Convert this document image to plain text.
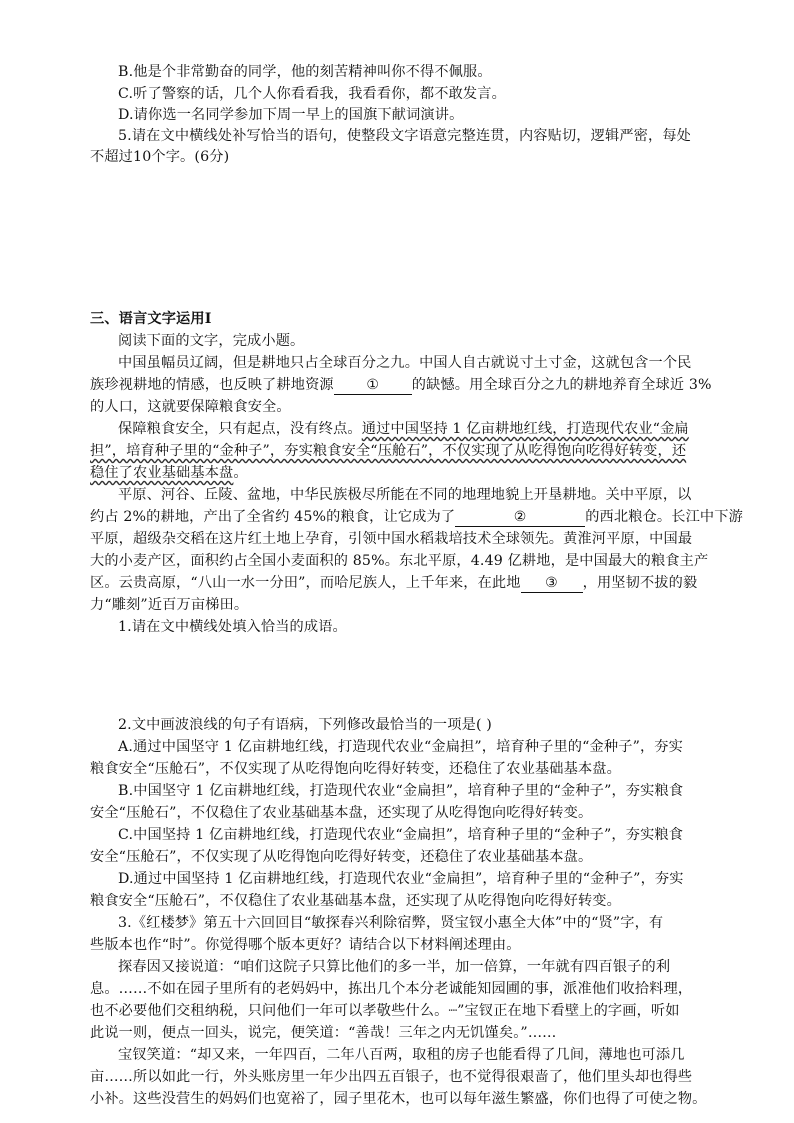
B.他是个非常勤奋的同学，他的刻苦精神叫你不得不佩服。
C.听了警察的话，几个人你看看我，我看看你，都不敢发言。
D.请你选一名同学参加下周一早上的国旗下献词演讲。
5.请在文中横线处补写恰当的语句，使整段文字语意完整连贯，内容贴切，逻辑严密，每处
不超过10个字。(6分)
三、语言文字运用Ⅰ
阅读下面的文字，完成小题。
中国虽幅员辽阔，但是耕地只占全球百分之九。中国人自古就说寸土寸金，这就包含一个民
族珍视耕地的情感，也反映了耕地资源 ① 的缺憾。用全球百分之九的耕地养育全球近 3%
的人口，这就要保障粮食安全。
保障粮食安全，只有起点，没有终点。通过中国坚持 1 亿亩耕地红线，打造现代农业“金扁
担”，培育种子里的“金种子”，夯实粮食安全“压舱石”，不仅实现了从吃得饱向吃得好转变，还
稳住了农业基础基本盘。
平原、河谷、丘陵、盆地，中华民族极尽所能在不同的地理地貌上开垦耕地。关中平原，以
约占 2%的耕地，产出了全省约 45%的粮食，让它成为了	②	的西北粮仓。长江中下游
平原，超级杂交稻在这片红土地上孕育，引领中国水稻栽培技术全球领先。黄淮河平原，中国最
大的小麦产区，面积约占全国小麦面积的 85%。东北平原，4.49 亿耕地，是中国最大的粮食主产
区。云贵高原，“八山一水一分田”，而哈尼族人，上千年来，在此地 ③ ，用坚韧不拔的毅
力“雕刻”近百万亩梯田。
1.请在文中横线处填入恰当的成语。
2.文中画波浪线的句子有语病，下列修改最恰当的一项是( )
A.通过中国坚守 1 亿亩耕地红线，打造现代农业“金扁担”，培育种子里的“金种子”，夯实
粮食安全“压舱石”，不仅实现了从吃得饱向吃得好转变，还稳住了农业基础基本盘。
B.中国坚守 1 亿亩耕地红线，打造现代农业“金扁担”，培育种子里的“金种子”，夯实粮食
安全“压舱石”，不仅稳住了农业基础基本盘，还实现了从吃得饱向吃得好转变。
C.中国坚持 1 亿亩耕地红线，打造现代农业“金扁担”，培育种子里的“金种子”，夯实粮食
安全“压舱石”，不仅实现了从吃得饱向吃得好转变，还稳住了农业基础基本盘。
D.通过中国坚持 1 亿亩耕地红线，打造现代农业“金扁担”，培育种子里的“金种子”，夯实
粮食安全“压舱石”，不仅稳住了农业基础基本盘，还实现了从吃得饱向吃得好转变。
3.《红楼梦》第五十六回回目“敏探春兴利除宿弊，贤宝钗小惠全大体”中的“贤”字，有
些版本也作“时”。你觉得哪个版本更好？请结合以下材料阐述理由。
探春因又接说道：“咱们这院子只算比他们的多一半，加一倍算，一年就有四百银子的利
息。……不如在园子里所有的老妈妈中，拣出几个本分老诚能知园圃的事，派准他们收拾料理，
也不必要他们交租纳税，只问他们一年可以孝敬些什么。┈”宝钗正在地下看壁上的字画，听如
此说一则，便点一回头，说完，便笑道：“善哉！三年之内无饥馑矣。”……
宝钗笑道：“却又来，一年四百，二年八百两，取租的房子也能看得了几间，薄地也可添几
亩……所以如此一行，外头账房里一年少出四五百银子，也不觉得很艰啬了，他们里头却也得些
小补。这些没营生的妈妈们也宽裕了，园子里花木，也可以每年滋生繁盛，你们也得了可使之物。
